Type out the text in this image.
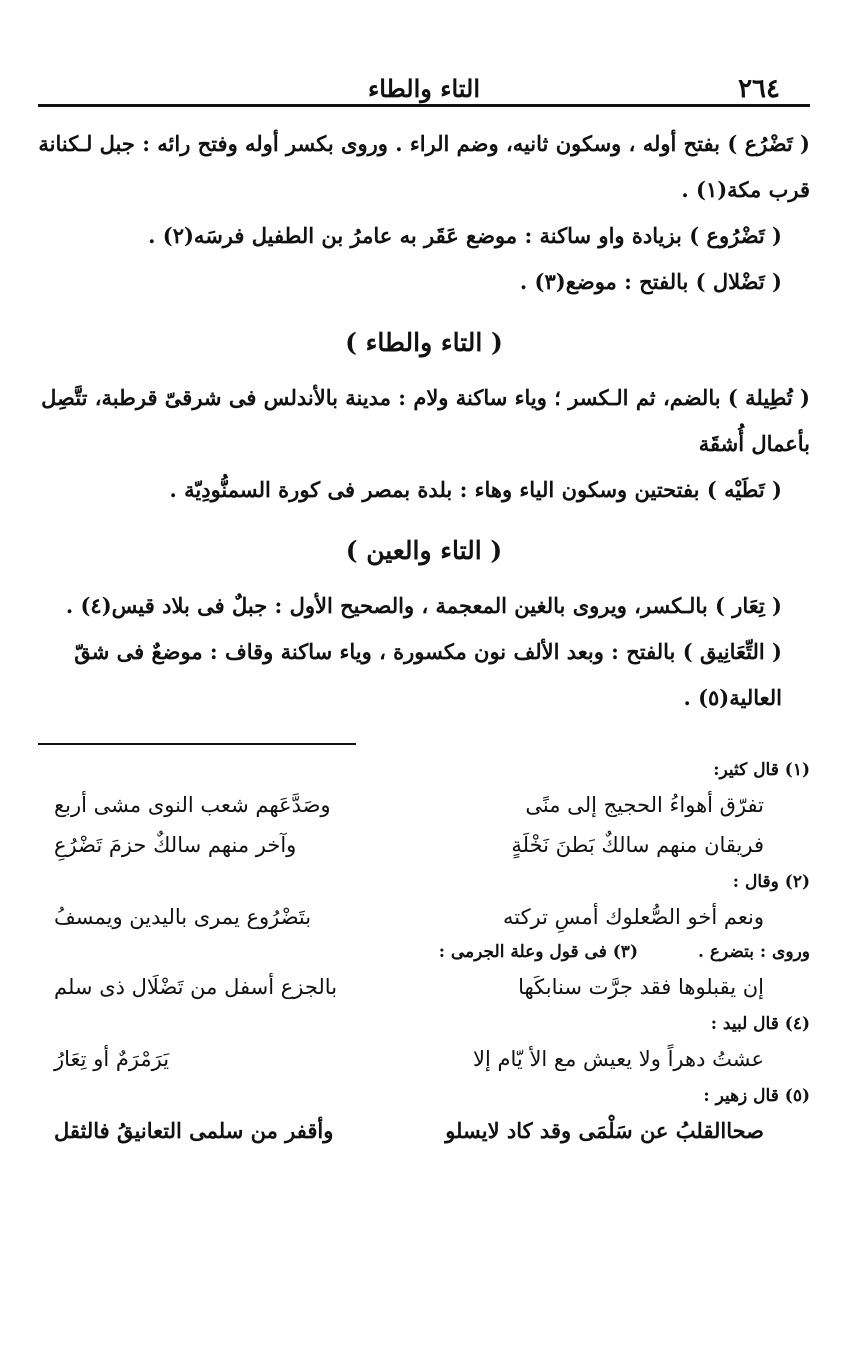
٢٦٤
التاء والطاء

( تَضْرُع ) بفتح أوله ، وسكون ثانيه، وضم الراء . وروى بكسر أوله وفتح رائه : جبل لـكنانة قرب مكة(١) .

( تَضْرُوع ) بزيادة واو ساكنة : موضع عَقَر به عامرُ بن الطفيل فرسَه(٢) .

( تَضْلال ) بالفتح : موضع(٣) .

( التاء والطاء )

( تُطِيلة ) بالضم، ثم الـكسر ؛ وياء ساكنة ولام : مدينة بالأندلس فى شرقىّ قرطبة، تتَّصِل بأعمال أُشقَة

( تَطَيْه ) بفتحتين وسكون الياء وهاء : بلدة بمصر فى كورة السمنُّودِيّة .

( التاء والعين )

( تِعَار ) بالـكسر، ويروى بالغين المعجمة ، والصحيح الأول : جبلٌ فى بلاد قيس(٤) .

( التِّعَانِيق ) بالفتح : وبعد الألف نون مكسورة ، وياء ساكنة وقاف : موضعٌ فى شقّ العالية(٥) .

(١) قال كثير:
تفرّق أهواءُ الحجيج إلى منًى
وصَدَّعَهم شعب النوى مشى أربع
فريقان منهم سالكٌ بَطنَ نَخْلَةٍ
وآخر منهم سالكٌ حزمَ تَضْرُعِ
(٢) وقال :
ونعم أخو الصُّعلوك أمسِ تركته
بتَضْرُوع يمرى باليدين ويمسفُ
وروى : بتضرع .
(٣) فى قول وعلة الجرمى :
إن يقبلوها فقد جرَّت سنابكَها
بالجزع أسفل من تَضْلَال ذى سلم
(٤) قال لبيد :
عشتُ دهراً ولا يعيش مع الأ يّام إلا
يَرَمْرَمٌ أو تِعَارُ
(٥) قال زهير :
صحاالقلبُ عن سَلْمَى وقد كاد لايسلو
وأقفر من سلمى التعانيقُ فالثقل
